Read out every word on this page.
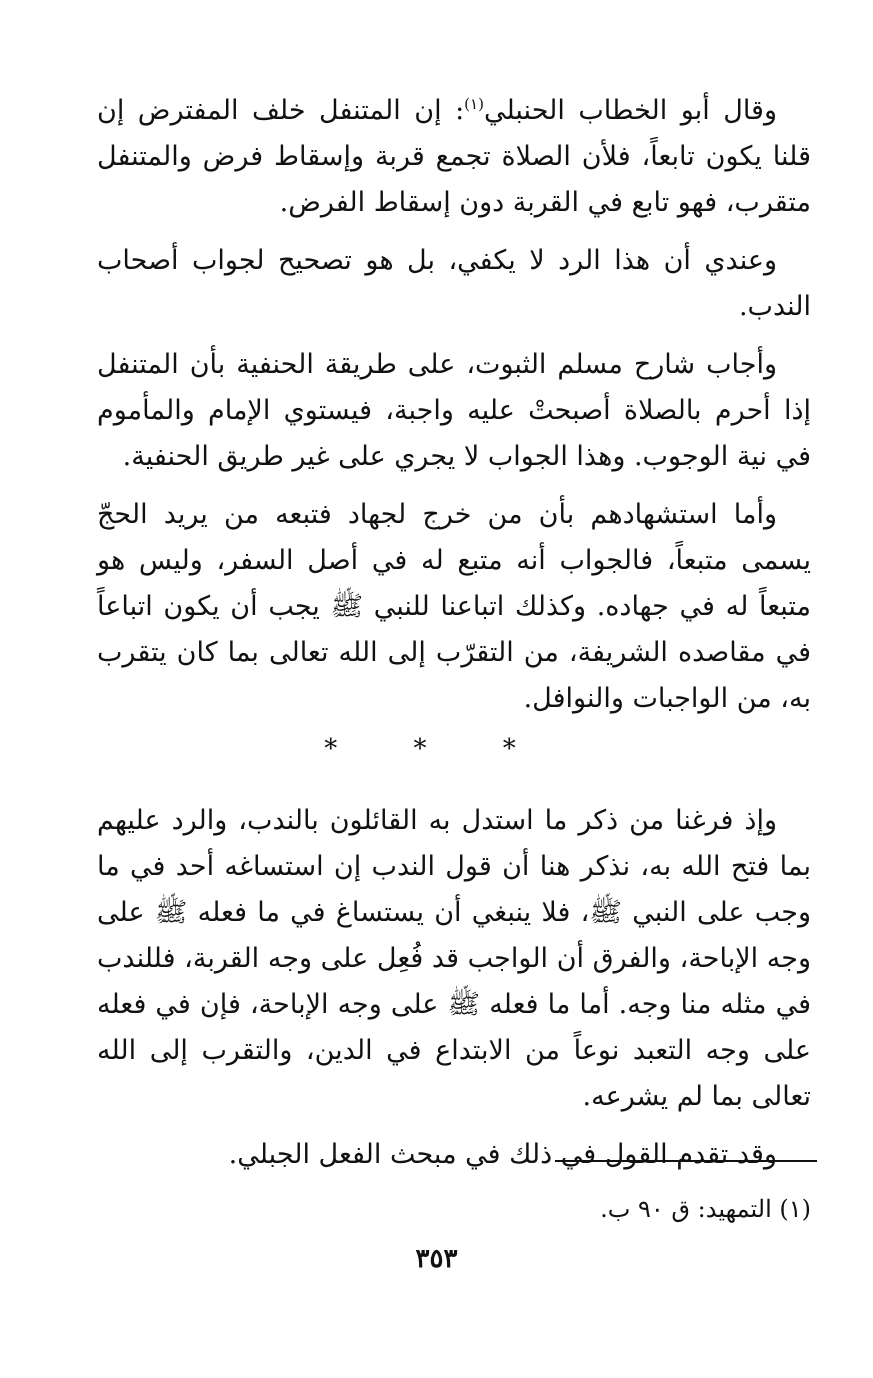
وقال أبو الخطاب الحنبلي$^{(١)}$: إن المتنفل خلف المفترض إن قلنا يكون تابعاً، فلأن الصلاة تجمع قربة وإسقاط فرض والمتنفل متقرب، فهو تابع في القربة دون إسقاط الفرض.

وعندي أن هذا الرد لا يكفي، بل هو تصحيح لجواب أصحاب الندب.

وأجاب شارح مسلم الثبوت، على طريقة الحنفية بأن المتنفل إذا أحرم بالصلاة أصبحتْ عليه واجبة، فيستوي الإمام والمأموم في نية الوجوب. وهذا الجواب لا يجري على غير طريق الحنفية.

وأما استشهادهم بأن من خرج لجهاد فتبعه من يريد الحجّ يسمى متبعاً، فالجواب أنه متبع له في أصل السفر، وليس هو متبعاً له في جهاده. وكذلك اتباعنا للنبي ﷺ يجب أن يكون اتباعاً في مقاصده الشريفة، من التقرّب إلى الله تعالى بما كان يتقرب به، من الواجبات والنوافل.

* * *

وإذ فرغنا من ذكر ما استدل به القائلون بالندب، والرد عليهم بما فتح الله به، نذكر هنا أن قول الندب إن استساغه أحد في ما وجب على النبي ﷺ، فلا ينبغي أن يستساغ في ما فعله ﷺ على وجه الإباحة، والفرق أن الواجب قد فُعِل على وجه القربة، فللندب في مثله منا وجه. أما ما فعله ﷺ على وجه الإباحة، فإن في فعله على وجه التعبد نوعاً من الابتداع في الدين، والتقرب إلى الله تعالى بما لم يشرعه.

وقد تقدم القول في ذلك في مبحث الفعل الجبلي.

(١) التمهيد: ق ٩٠ ب.
٣٥٣
